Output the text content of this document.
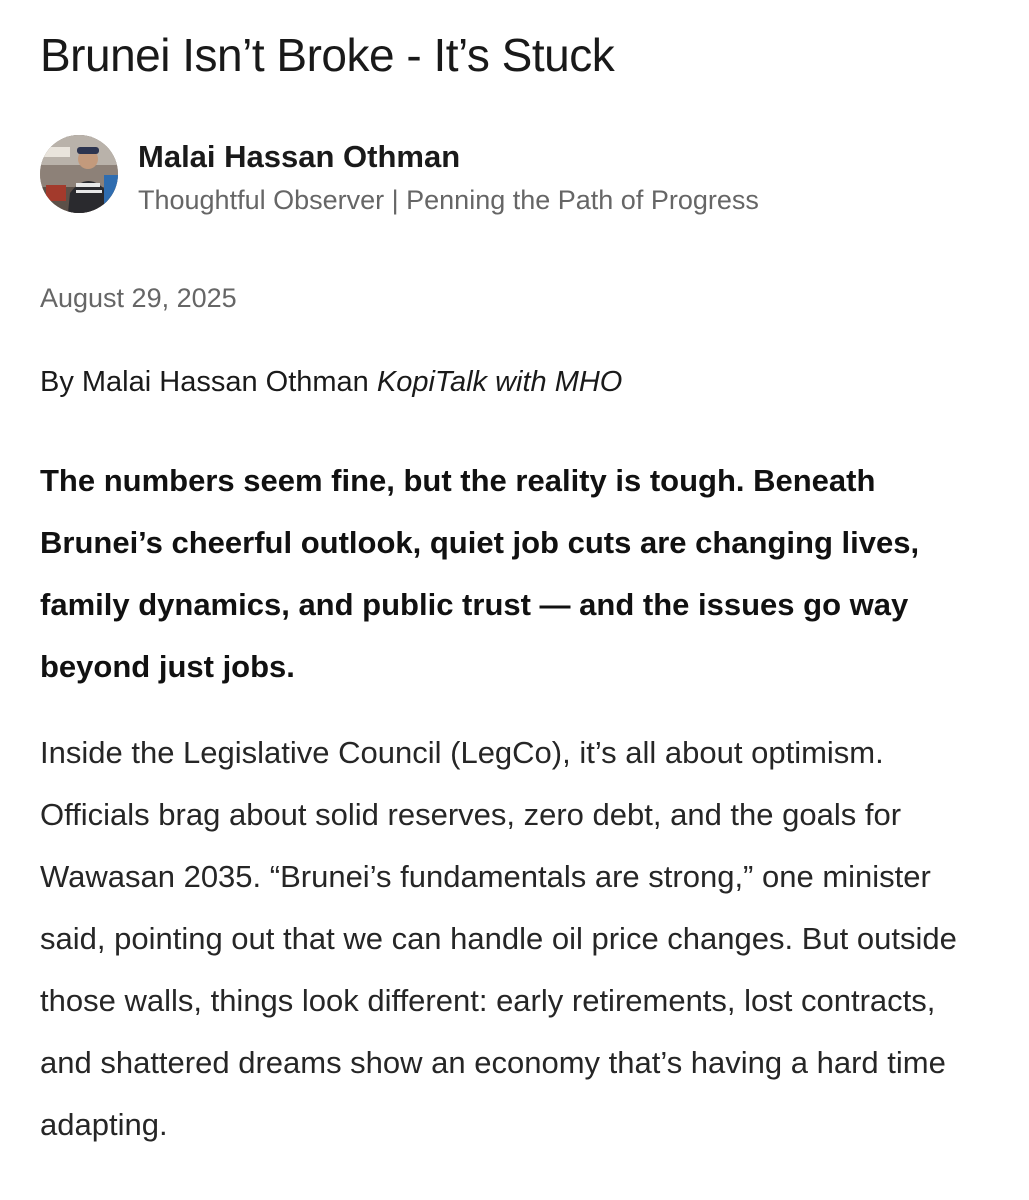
Brunei Isn’t Broke - It’s Stuck
Malai Hassan Othman
Thoughtful Observer | Penning the Path of Progress
August 29, 2025
By Malai Hassan Othman KopiTalk with MHO

The numbers seem fine, but the reality is tough. Beneath Brunei’s cheerful outlook, quiet job cuts are changing lives, family dynamics, and public trust — and the issues go way beyond just jobs.

Inside the Legislative Council (LegCo), it’s all about optimism. Officials brag about solid reserves, zero debt, and the goals for Wawasan 2035. “Brunei’s fundamentals are strong,” one minister said, pointing out that we can handle oil price changes. But outside those walls, things look different: early retirements, lost contracts, and shattered dreams show an economy that’s having a hard time adapting.
